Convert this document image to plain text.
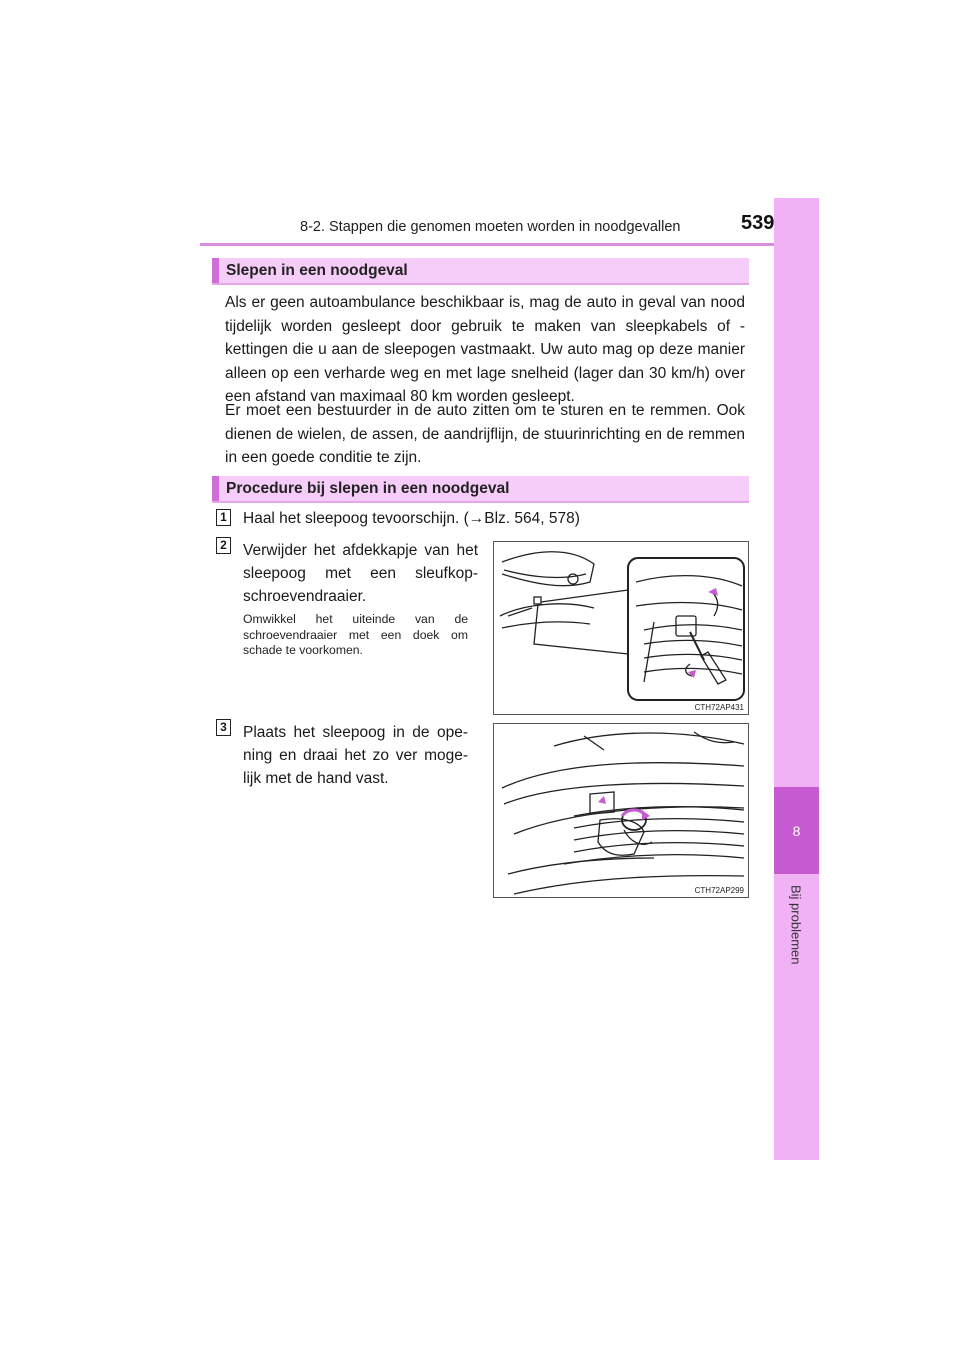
8-2. Stappen die genomen moeten worden in noodgevallen	539
8
Bij problemen
Slepen in een noodgeval

Als er geen autoambulance beschikbaar is, mag de auto in geval van nood tijdelijk worden gesleept door gebruik te maken van sleepkabels of -kettingen die u aan de sleepogen vastmaakt. Uw auto mag op deze manier alleen op een verharde weg en met lage snelheid (lager dan 30 km/h) over een afstand van maximaal 80 km worden gesleept.

Er moet een bestuurder in de auto zitten om te sturen en te remmen. Ook dienen de wielen, de assen, de aandrijflijn, de stuurinrichting en de remmen in een goede conditie te zijn.

Procedure bij slepen in een noodgeval
1 Haal het sleepoog tevoorschijn. (→Blz. 564, 578)

2 Verwijder het afdekkapje van het sleepoog met een sleufkop-schroevendraaier.

Omwikkel het uiteinde van de schroevendraaier met een doek om schade te voorkomen.

CTH72AP431
3 Plaats het sleepoog in de ope-ning en draai het zo ver moge-lijk met de hand vast.

CTH72AP299
